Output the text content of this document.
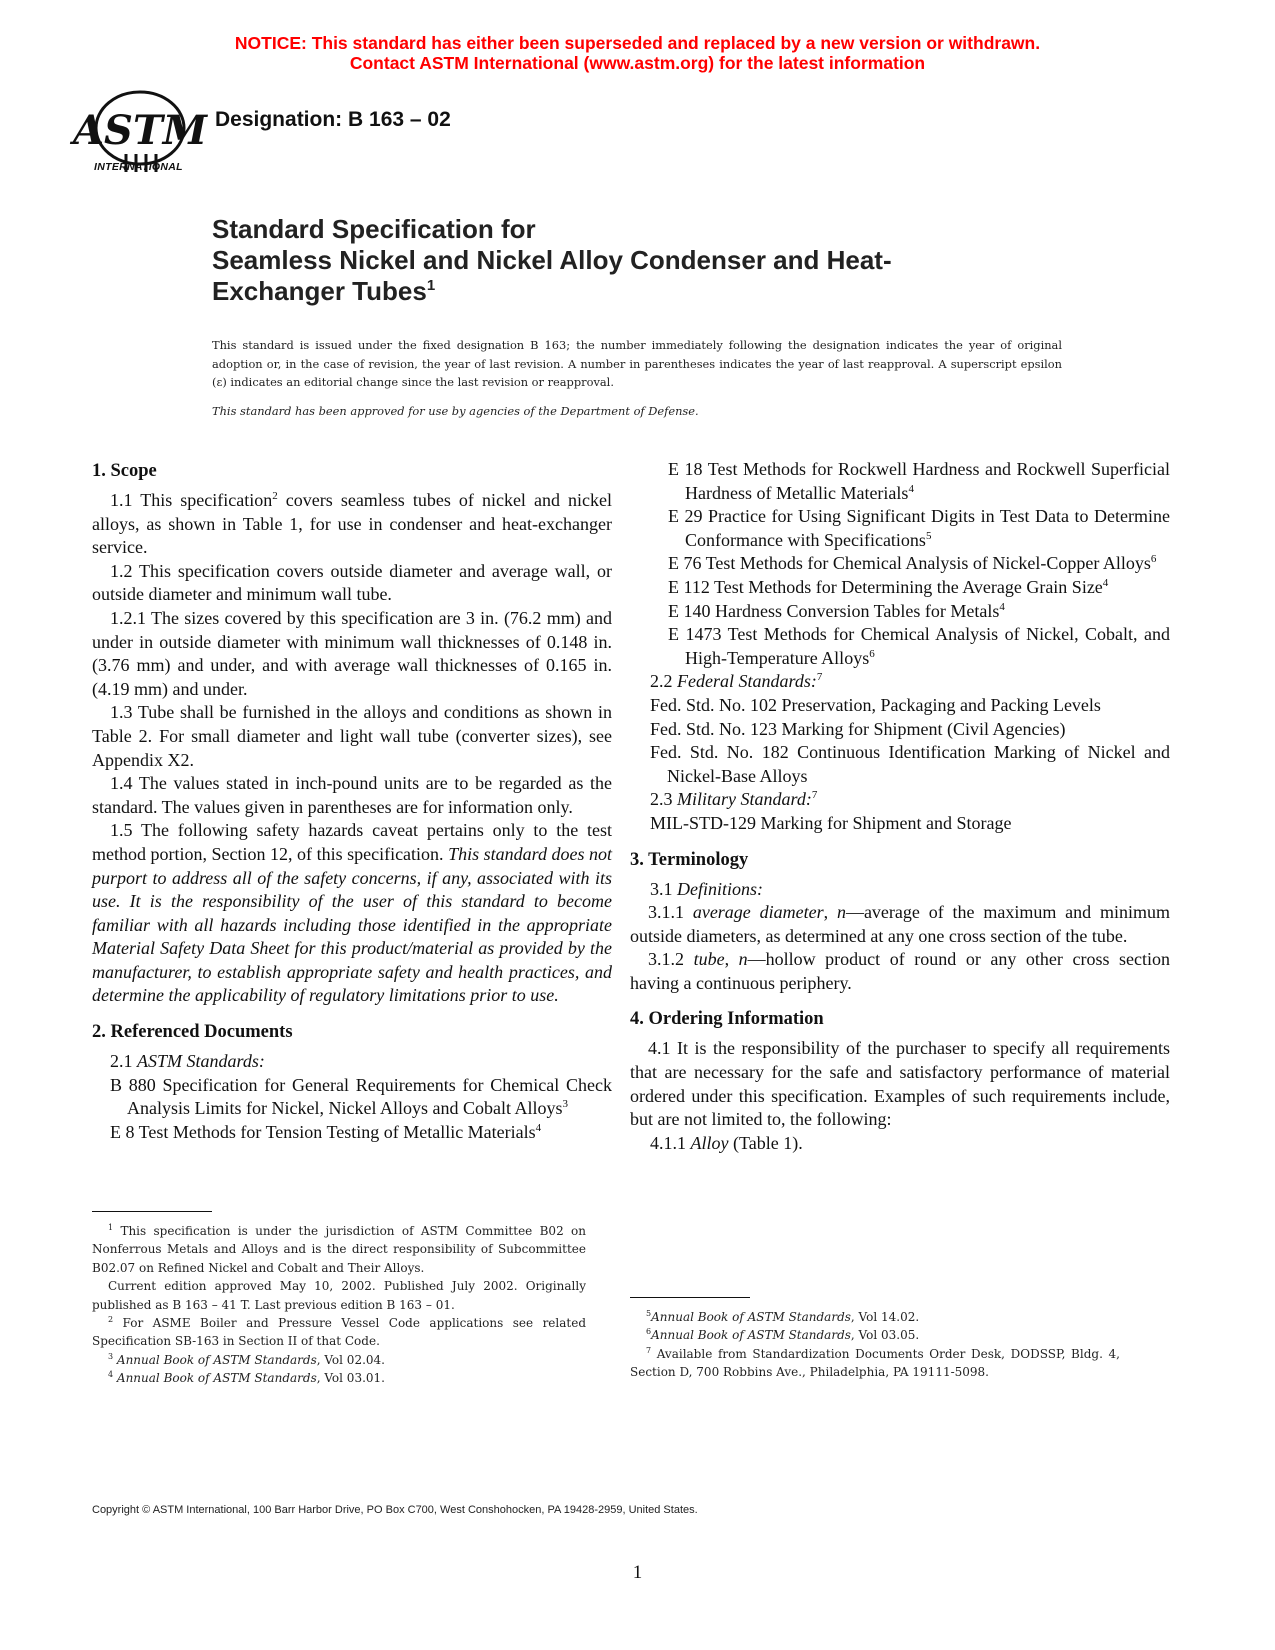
NOTICE: This standard has either been superseded and replaced by a new version or withdrawn.
Contact ASTM International (www.astm.org) for the latest information
ASTM
INTERNATIONAL
Designation: B 163 – 02
Standard Specification for
Seamless Nickel and Nickel Alloy Condenser and Heat-
Exchanger Tubes$^1$
This standard is issued under the fixed designation B 163; the number immediately following the designation indicates the year of original adoption or, in the case of revision, the year of last revision. A number in parentheses indicates the year of last reapproval. A superscript epsilon (ε) indicates an editorial change since the last revision or reapproval.
This standard has been approved for use by agencies of the Department of Defense.
1. Scope

1.1 This specification$^2$ covers seamless tubes of nickel and nickel alloys, as shown in Table 1, for use in condenser and heat-exchanger service.

1.2 This specification covers outside diameter and average wall, or outside diameter and minimum wall tube.

1.2.1 The sizes covered by this specification are 3 in. (76.2 mm) and under in outside diameter with minimum wall thicknesses of 0.148 in. (3.76 mm) and under, and with average wall thicknesses of 0.165 in. (4.19 mm) and under.

1.3 Tube shall be furnished in the alloys and conditions as shown in Table 2. For small diameter and light wall tube (converter sizes), see Appendix X2.

1.4 The values stated in inch-pound units are to be regarded as the standard. The values given in parentheses are for information only.

1.5 The following safety hazards caveat pertains only to the test method portion, Section 12, of this specification. This standard does not purport to address all of the safety concerns, if any, associated with its use. It is the responsibility of the user of this standard to become familiar with all hazards including those identified in the appropriate Material Safety Data Sheet for this product/material as provided by the manufacturer, to establish appropriate safety and health practices, and determine the applicability of regulatory limitations prior to use.

2. Referenced Documents

2.1 ASTM Standards:

B 880 Specification for General Requirements for Chemical Check Analysis Limits for Nickel, Nickel Alloys and Cobalt Alloys$^3$

E 8 Test Methods for Tension Testing of Metallic Materials$^4$

E 18 Test Methods for Rockwell Hardness and Rockwell Superficial Hardness of Metallic Materials$^4$

E 29 Practice for Using Significant Digits in Test Data to Determine Conformance with Specifications$^5$

E 76 Test Methods for Chemical Analysis of Nickel-Copper Alloys$^6$

E 112 Test Methods for Determining the Average Grain Size$^4$

E 140 Hardness Conversion Tables for Metals$^4$

E 1473 Test Methods for Chemical Analysis of Nickel, Cobalt, and High-Temperature Alloys$^6$

2.2 Federal Standards:$^7$

Fed. Std. No. 102 Preservation, Packaging and Packing Levels

Fed. Std. No. 123 Marking for Shipment (Civil Agencies)

Fed. Std. No. 182 Continuous Identification Marking of Nickel and Nickel-Base Alloys

2.3 Military Standard:$^7$

MIL-STD-129 Marking for Shipment and Storage

3. Terminology

3.1 Definitions:

3.1.1 average diameter, n—average of the maximum and minimum outside diameters, as determined at any one cross section of the tube.

3.1.2 tube, n—hollow product of round or any other cross section having a continuous periphery.

4. Ordering Information

4.1 It is the responsibility of the purchaser to specify all requirements that are necessary for the safe and satisfactory performance of material ordered under this specification. Examples of such requirements include, but are not limited to, the following:

4.1.1 Alloy (Table 1).

$^1$ This specification is under the jurisdiction of ASTM Committee B02 on Nonferrous Metals and Alloys and is the direct responsibility of Subcommittee B02.07 on Refined Nickel and Cobalt and Their Alloys.

Current edition approved May 10, 2002. Published July 2002. Originally published as B 163 – 41 T. Last previous edition B 163 – 01.

$^2$ For ASME Boiler and Pressure Vessel Code applications see related Specification SB-163 in Section II of that Code.

$^3$ Annual Book of ASTM Standards, Vol 02.04.

$^4$ Annual Book of ASTM Standards, Vol 03.01.

$^5$Annual Book of ASTM Standards, Vol 14.02.

$^6$Annual Book of ASTM Standards, Vol 03.05.

$^7$ Available from Standardization Documents Order Desk, DODSSP, Bldg. 4, Section D, 700 Robbins Ave., Philadelphia, PA 19111-5098.

Copyright © ASTM International, 100 Barr Harbor Drive, PO Box C700, West Conshohocken, PA 19428-2959, United States.
1
